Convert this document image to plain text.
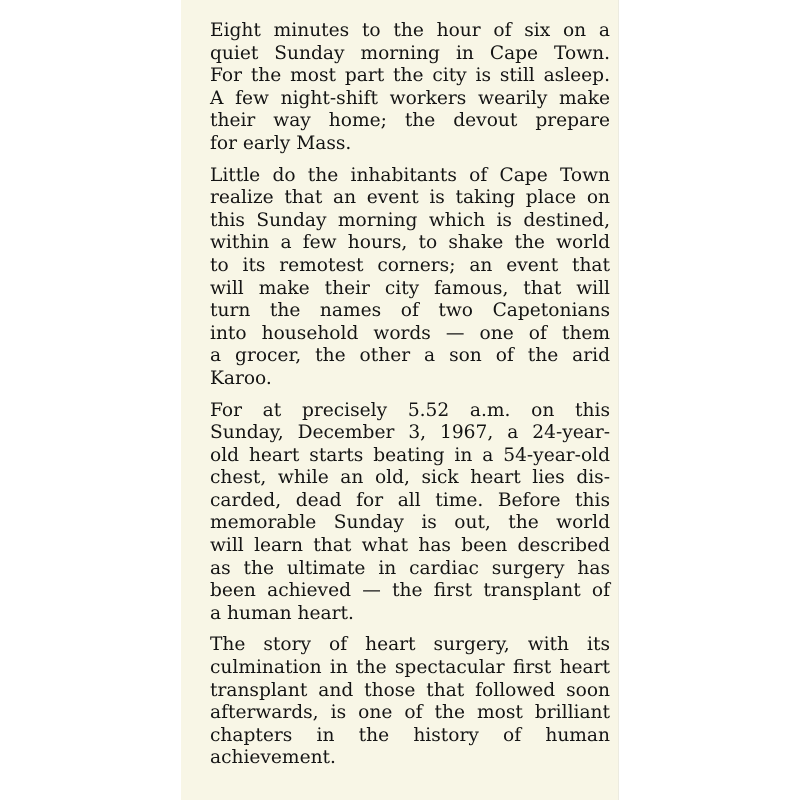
Eight minutes to the hour of six on a
quiet Sunday morning in Cape Town.
For the most part the city is still asleep.
A few night-shift workers wearily make
their way home; the devout prepare
for early Mass.

Little do the inhabitants of Cape Town
realize that an event is taking place on
this Sunday morning which is destined,
within a few hours, to shake the world
to its remotest corners; an event that
will make their city famous, that will
turn the names of two Capetonians
into household words — one of them
a grocer, the other a son of the arid
Karoo.

For at precisely 5.52 a.m. on this
Sunday, December 3, 1967, a 24-year-
old heart starts beating in a 54-year-old
chest, while an old, sick heart lies dis-
carded, dead for all time. Before this
memorable Sunday is out, the world
will learn that what has been described
as the ultimate in cardiac surgery has
been achieved — the first transplant of
a human heart.

The story of heart surgery, with its
culmination in the spectacular first heart
transplant and those that followed soon
afterwards, is one of the most brilliant
chapters in the history of human
achievement.
